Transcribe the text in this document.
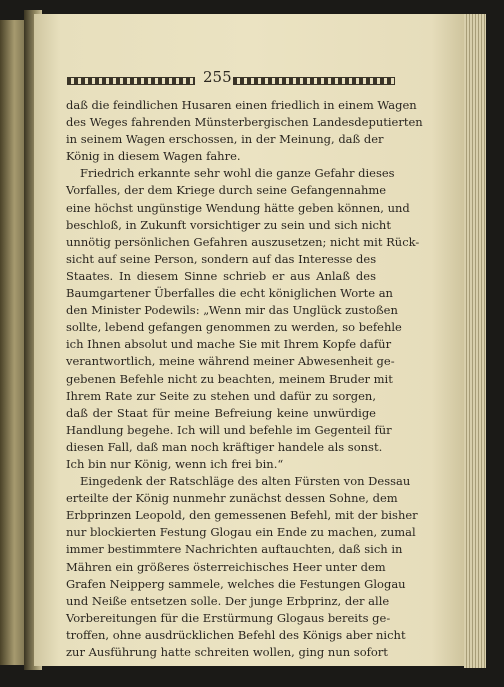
255
daß die feindlichen Husaren einen friedlich in einem Wagen
des Weges fahrenden Münsterbergischen Landesdeputierten
in seinem Wagen erschossen, in der Meinung, daß der
König in diesem Wagen fahre.
Friedrich erkannte sehr wohl die ganze Gefahr dieses
Vorfalles, der dem Kriege durch seine Gefangennahme
eine höchst ungünstige Wendung hätte geben können, und
beschloß, in Zukunft vorsichtiger zu sein und sich nicht
unnötig persönlichen Gefahren auszusetzen; nicht mit Rück-
sicht auf seine Person, sondern auf das Interesse des
Staates. In diesem Sinne schrieb er aus Anlaß des
Baumgartener Überfalles die echt königlichen Worte an
den Minister Podewils: „Wenn mir das Unglück zustoßen
sollte, lebend gefangen genommen zu werden, so befehle
ich Ihnen absolut und mache Sie mit Ihrem Kopfe dafür
verantwortlich, meine während meiner Abwesenheit ge-
gebenen Befehle nicht zu beachten, meinem Bruder mit
Ihrem Rate zur Seite zu stehen und dafür zu sorgen,
daß der Staat für meine Befreiung keine unwürdige
Handlung begehe. Ich will und befehle im Gegenteil für
diesen Fall, daß man noch kräftiger handele als sonst.
Ich bin nur König, wenn ich frei bin.“
Eingedenk der Ratschläge des alten Fürsten von Dessau
erteilte der König nunmehr zunächst dessen Sohne, dem
Erbprinzen Leopold, den gemessenen Befehl, mit der bisher
nur blockierten Festung Glogau ein Ende zu machen, zumal
immer bestimmtere Nachrichten auftauchten, daß sich in
Mähren ein größeres österreichisches Heer unter dem
Grafen Neipperg sammele, welches die Festungen Glogau
und Neiße entsetzen solle. Der junge Erbprinz, der alle
Vorbereitungen für die Erstürmung Glogaus bereits ge-
troffen, ohne ausdrücklichen Befehl des Königs aber nicht
zur Ausführung hatte schreiten wollen, ging nun sofort
